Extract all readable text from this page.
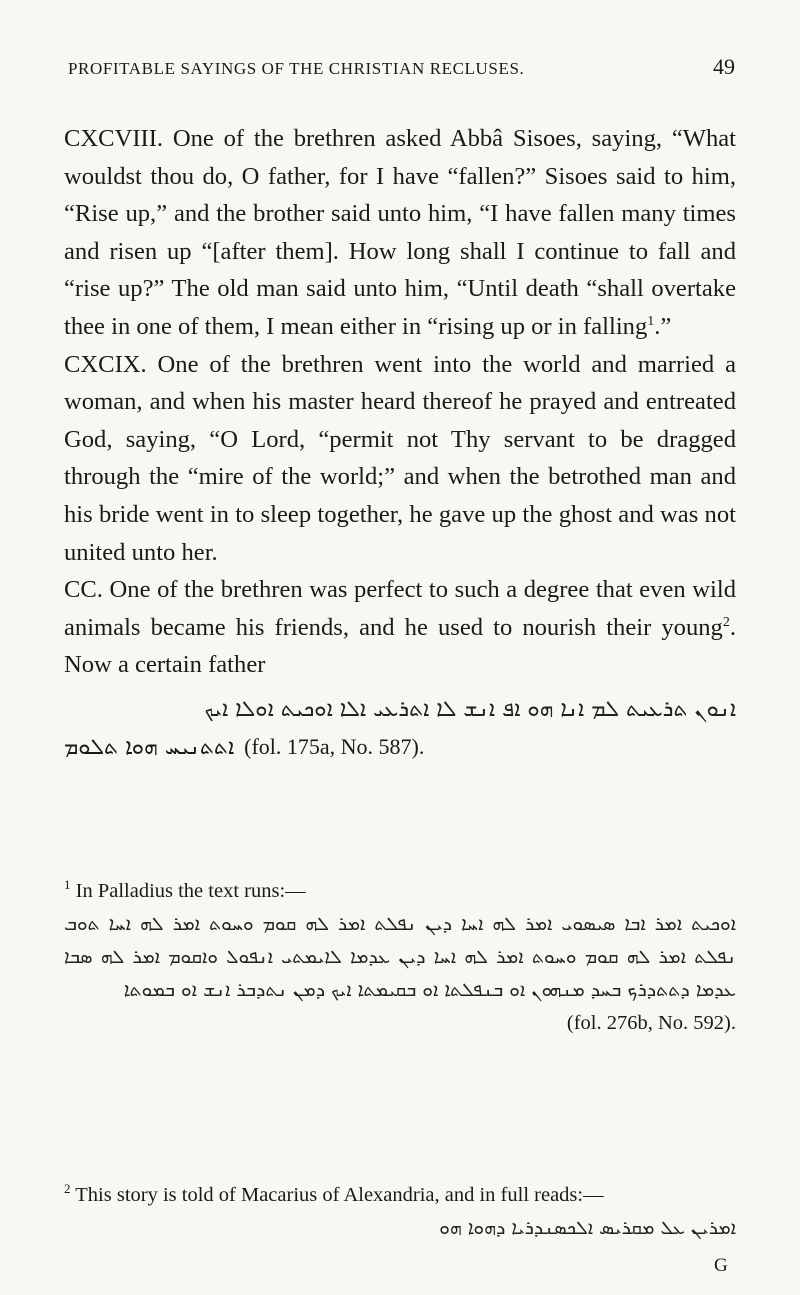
PROFITABLE SAYINGS OF THE CHRISTIAN RECLUSES.	49

CXCVIII. One of the brethren asked Abbâ Sisoes, saying, “What wouldst thou do, O father, for I have “fallen?” Sisoes said to him, “Rise up,” and the brother said unto him, “I have fallen many times and risen up “[after them]. How long shall I continue to fall and “rise up?” The old man said unto him, “Until death “shall overtake thee in one of them, I mean either in “rising up or in falling$^1$.”

CXCIX. One of the brethren went into the world and married a woman, and when his master heard thereof he prayed and entreated God, saying, “O Lord, “permit not Thy servant to be dragged through the “mire of the world;” and when the betrothed man and his bride went in to sleep together, he gave up the ghost and was not united unto her.

CC. One of the brethren was perfect to such a degree that even wild animals became his friends, and he used to nourish their young$^2$. Now a certain father

ܐܢܘܢ ܬܪܥܝܬ ܠܡ ܐܢܐ ܗܘ ܐܦ ܐܢܫ ܠܐ ܐܬܪܥܝ ܐܠܐ ܐܘܟܝܬ ܐܘܠܐ ܐܝܟ
ܐܬܬܢܝܚ ܗܘܐ ܬܠܘܡ (fol. 175a, No. 587).

$^1$ In Palladius the text runs:—

ܐܘܟܝܬ ܐܡܪ ܐܒܐ ܣܝܣܘܝ ܐܡܪ ܠܗ ܐܚܐ ܕܝܢ ܢܦܠܬ ܐܡܪ ܠܗ ܩܘܡ ܘܚܘܬ ܐܡܪ ܠܗ ܐܚܐ ܬܘܒ ܢܦܠܬ ܐܡܪ ܠܗ ܩܘܡ ܘܚܘܬ ܐܡܪ ܠܗ ܐܚܐ ܕܝܢ ܥܕܡܐ ܠܐܝܡܬܝ ܐܢܦܘܠ ܘܐܩܘܡ ܐܡܪ ܠܗ ܣܒܐ ܥܕܡܐ ܕܬܬܕܪܟ ܒܚܕ ܡܢܗܘܢ ܐܘ ܒܢܦܠܬܐ ܐܘ ܒܩܝܡܬܐ ܐܝܟ ܕܡܢ ܢܬܕܒܪ ܐܢܫ ܐܘ ܒܡܘܬܐ

(fol. 276b, No. 592).

$^2$ This story is told of Macarius of Alexandria, and in full reads:—

ܐܡܪܝܢ ܥܠ ܡܩܪܝܣ ܐܠܟܣܢܕܪܝܐ ܕܗܘܐ ܗܘ
G
